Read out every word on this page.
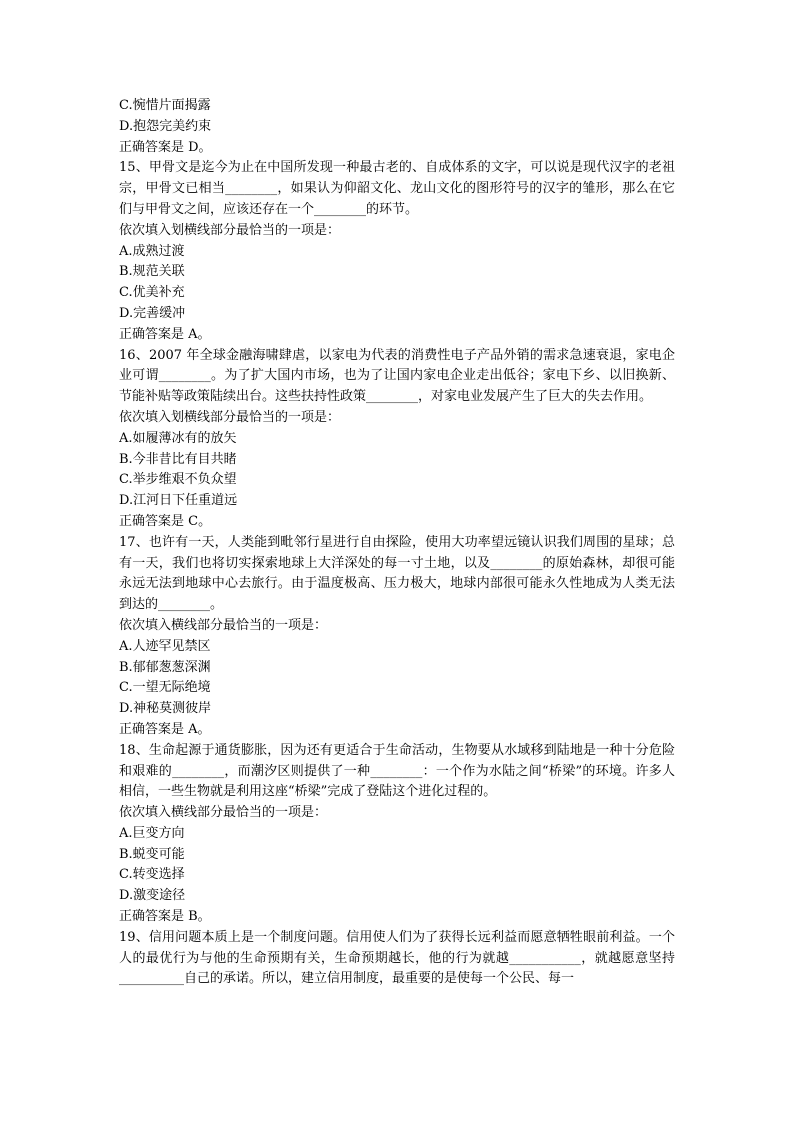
C.惋惜片面揭露
D.抱怨完美约束
正确答案是 D。
15、甲骨文是迄今为止在中国所发现一种最古老的、自成体系的文字，可以说是现代汉字的老祖宗，甲骨文已相当________，如果认为仰韶文化、龙山文化的图形符号的汉字的雏形，那么在它们与甲骨文之间，应该还存在一个________的环节。
依次填入划横线部分最恰当的一项是：
A.成熟过渡
B.规范关联
C.优美补充
D.完善缓冲
正确答案是 A。
16、2007 年全球金融海啸肆虐，以家电为代表的消费性电子产品外销的需求急速衰退，家电企业可谓________。为了扩大国内市场，也为了让国内家电企业走出低谷；家电下乡、以旧换新、节能补贴等政策陆续出台。这些扶持性政策________，对家电业发展产生了巨大的失去作用。
依次填入划横线部分最恰当的一项是：
A.如履薄冰有的放矢
B.今非昔比有目共睹
C.举步维艰不负众望
D.江河日下任重道远
正确答案是 C。
17、也许有一天，人类能到毗邻行星进行自由探险，使用大功率望远镜认识我们周围的星球；总有一天，我们也将切实探索地球上大洋深处的每一寸土地，以及________的原始森林，却很可能永远无法到地球中心去旅行。由于温度极高、压力极大，地球内部很可能永久性地成为人类无法到达的________。
依次填入横线部分最恰当的一项是：
A.人迹罕见禁区
B.郁郁葱葱深渊
C.一望无际绝境
D.神秘莫测彼岸
正确答案是 A。
18、生命起源于通货膨胀，因为还有更适合于生命活动，生物要从水域移到陆地是一种十分危险和艰难的________，而潮汐区则提供了一种________：一个作为水陆之间“桥梁”的环境。许多人相信，一些生物就是利用这座“桥梁”完成了登陆这个进化过程的。
依次填入横线部分最恰当的一项是：
A.巨变方向
B.蜕变可能
C.转变选择
D.激变途径
正确答案是 B。
19、信用问题本质上是一个制度问题。信用使人们为了获得长远利益而愿意牺牲眼前利益。一个人的最优行为与他的生命预期有关，生命预期越长，他的行为就越___________，就越愿意坚持__________自己的承诺。所以，建立信用制度，最重要的是使每一个公民、每一
